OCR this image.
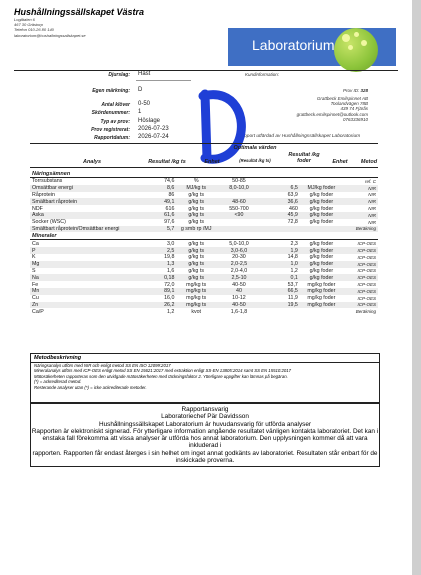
Hushållningssällskapet Västra
Logåtalen 6
467 30 Grästorp
Telefon 010-26 80 140
laboratorium@hushallningssallskapet.se
Laboratorium
Djurslag: Häst	Kundinformation:
Egen märkning: D
Antal klöver 0-50
Skördenummer: 1
Typ av prov: Höslage
Prov registrerat: 2026-07-23
Rapportdatum: 2026-07-24
Prov ID: 328
Grattbeck Emilspinnet AB
Toolandvägen 78B
439 74 Fjärås
grattbeck.emilspinnet@outlook.com
0763336910
Rapport utfärdad av Hushållningssällskapet Laboratorium
Analys	Resultat /kg ts	Enhet
Optimala värden
(Resultat /kg ts)
Resultat /kg foder	Enhet	Metod
Näringsämnen						
Torrsubstans	74,6	%	50-85			ref. C
Omsättbar energi	8,6	MJ/kg ts	8,0-10,0	6,5	MJ/kg foder	NIR
Råprotein	86	g/kg ts		63,9	g/kg foder	NIR
Smältbart råprotein	49,1	g/kg ts	48-60	36,6	g/kg foder	NIR
NDF	616	g/kg ts	550-700	460	g/kg foder	NIR
Aska	61,6	g/kg ts	<90	45,9	g/kg foder	NIR
Socker (WSC)	97,6	g/kg ts		72,8	g/kg foder	NIR
Smältbart råprotein/Omsättbar energi	5,7	g smb rp /MJ				Beräkning
Mineraler						
Ca	3,0	g/kg ts	5,0-10,0	2,3	g/kg foder	ICP-OES
P	2,5	g/kg ts	3,0-6,0	1,9	g/kg foder	ICP-OES
K	19,8	g/kg ts	20-30	14,8	g/kg foder	ICP-OES
Mg	1,3	g/kg ts	2,0-2,5	1,0	g/kg foder	ICP-OES
S	1,6	g/kg ts	2,0-4,0	1,2	g/kg foder	ICP-OES
Na	0,18	g/kg ts	2,5-10	0,1	g/kg foder	ICP-OES
Fe	72,0	mg/kg ts	40-50	53,7	mg/kg foder	ICP-OES
Mn	89,1	mg/kg ts	40	66,5	mg/kg foder	ICP-OES
Cu	16,0	mg/kg ts	10-12	11,9	mg/kg foder	ICP-OES
Zn	26,2	mg/kg ts	40-50	19,5	mg/kg foder	ICP-OES
Ca/P	1,2	kvot	1,6-1,8			Beräkning
Metodbeskrivning
Näringsanalys utförs med NIR och enligt metod SS EN ISO 12099:2017
Mineralanalys utförs med ICP-OES enligt metod SS EN 15621:2017 med extraktion enligt SS-EN 13805:2014 samt SS EN 15510:2017
Mätosäkerheten rapporteras som den utvidgade mätosäkerheten med täckningsfaktor 2. Ytterligare uppgifter kan lämnas på begäran.
(*) = ackrediterad metod.
Resterande analyser utan (*) = icke ackrediterade metoder.
Rapportansvarig
Laboratoriechef Pär Davidsson
Hushållningssällskapet Laboratorium är huvudansvarig för utförda analyser
Rapporten är elektroniskt signerad. För ytterligare information angående resultatet vänligen kontakta laboratoriet. Det kan i
enstaka fall förekomma att vissa analyser är utförda hos annat laboratorium. Den upplysningen kommer då att vara inkluderad i
rapporten. Rapporten får endast återges i sin helhet om inget annat godkänts av laboratoriet. Resultaten står enbart för de
inskickade proverna.
